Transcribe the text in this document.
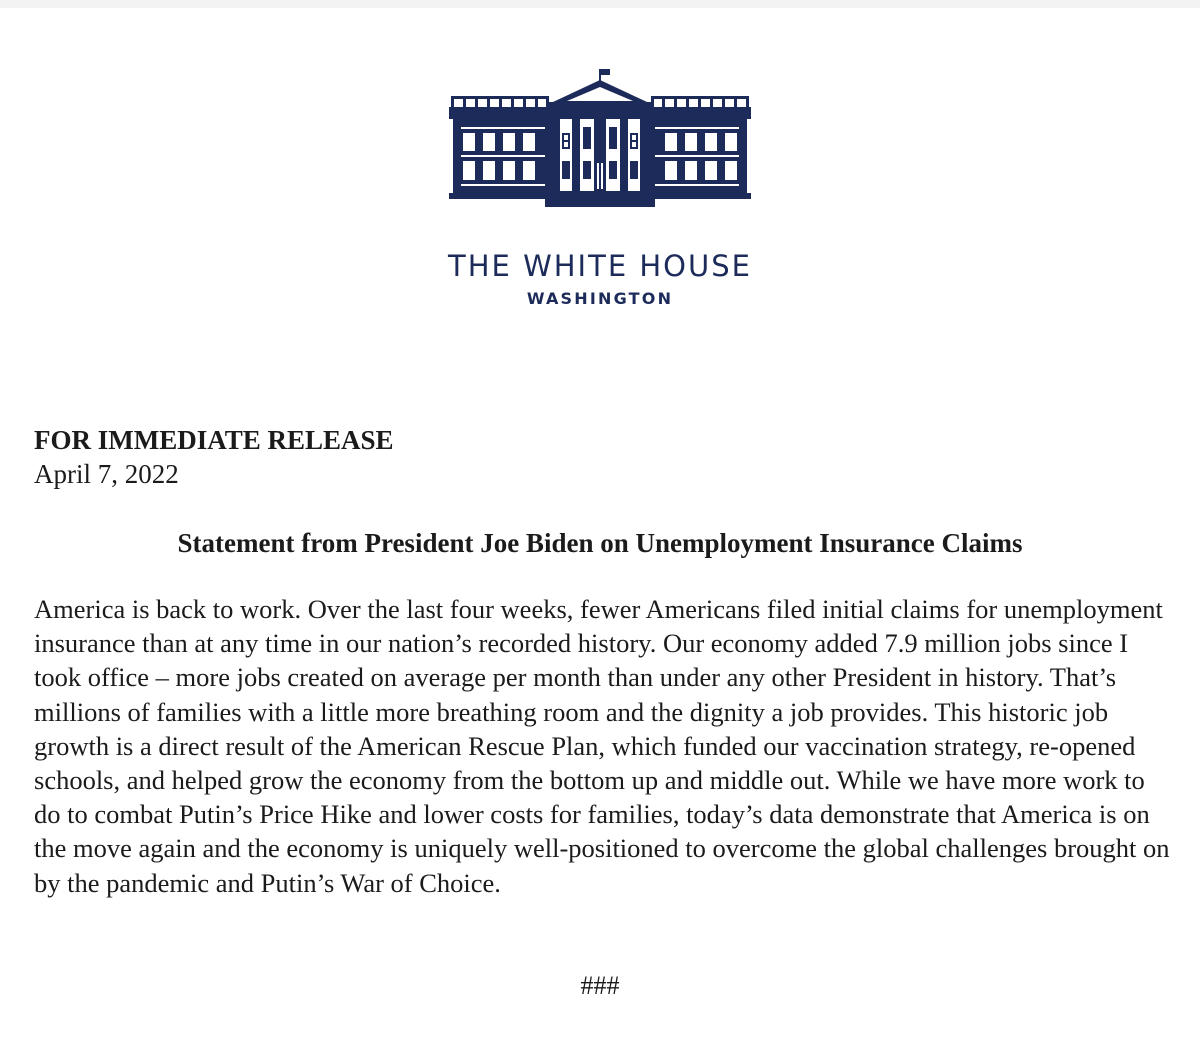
THE WHITE HOUSE
WASHINGTON
FOR IMMEDIATE RELEASE
April 7, 2022
Statement from President Joe Biden on Unemployment Insurance Claims

America is back to work. Over the last four weeks, fewer Americans filed initial claims for unemployment insurance than at any time in our nation’s recorded history. Our economy added 7.9 million jobs since I took office – more jobs created on average per month than under any other President in history. That’s millions of families with a little more breathing room and the dignity a job provides. This historic job growth is a direct result of the American Rescue Plan, which funded our vaccination strategy, re-opened schools, and helped grow the economy from the bottom up and middle out. While we have more work to do to combat Putin’s Price Hike and lower costs for families, today’s data demonstrate that America is on the move again and the economy is uniquely well-positioned to overcome the global challenges brought on by the pandemic and Putin’s War of Choice.

###
